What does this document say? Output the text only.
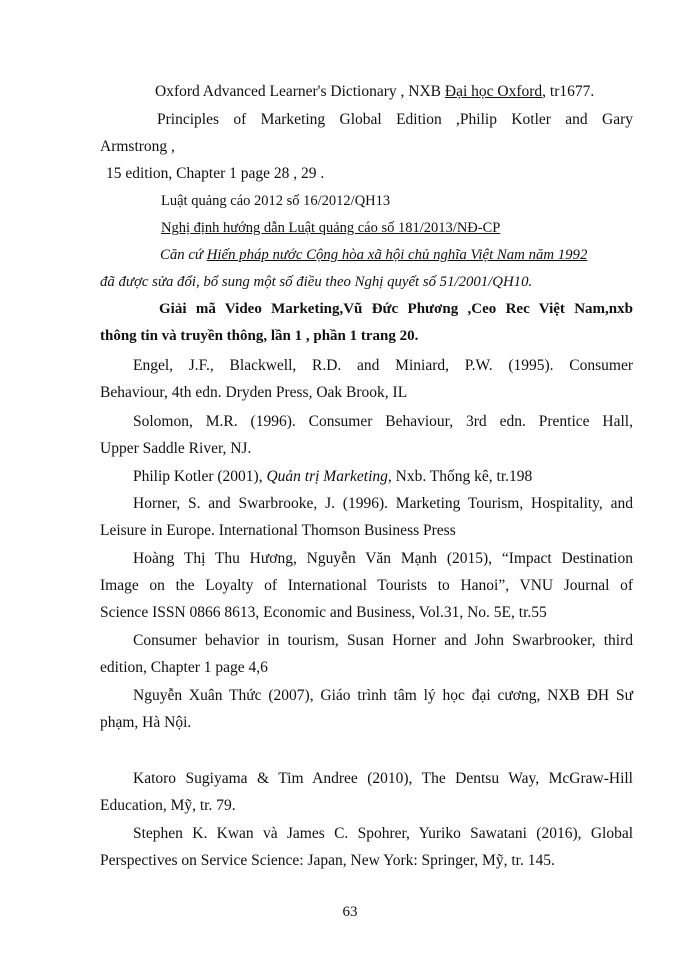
Oxford Advanced Learner's Dictionary , NXB Đại học Oxford, tr1677.
Principles of Marketing Global Edition ,Philip Kotler and Gary
Armstrong ,
15 edition, Chapter 1 page 28 , 29 .
Luật quảng cáo 2012 số 16/2012/QH13
Nghị định hướng dẫn Luật quảng cáo số 181/2013/NĐ-CP
Căn cứ Hiến pháp nước Cộng hòa xã hội chủ nghĩa Việt Nam năm 1992
đã được sửa đổi, bổ sung một số điều theo Nghị quyết số 51/2001/QH10.
Giải mã Video Marketing,Vũ Đức Phương ,Ceo Rec Việt Nam,nxb
thông tin và truyền thông, lần 1 , phần 1 trang 20.
Engel, J.F., Blackwell, R.D. and Miniard, P.W. (1995). Consumer
Behaviour, 4th edn. Dryden Press, Oak Brook, IL
Solomon, M.R. (1996). Consumer Behaviour, 3rd edn. Prentice Hall,
Upper Saddle River, NJ.
Philip Kotler (2001), Quản trị Marketing, Nxb. Thống kê, tr.198
Horner, S. and Swarbrooke, J. (1996). Marketing Tourism, Hospitality, and
Leisure in Europe. International Thomson Business Press
Hoàng Thị Thu Hương, Nguyễn Văn Mạnh (2015), “Impact Destination
Image on the Loyalty of International Tourists to Hanoi”, VNU Journal of
Science ISSN 0866 8613, Economic and Business, Vol.31, No. 5E, tr.55
Consumer behavior in tourism, Susan Horner and John Swarbrooker, third
edition, Chapter 1 page 4,6
Nguyễn Xuân Thức (2007), Giáo trình tâm lý học đại cương, NXB ĐH Sư
phạm, Hà Nội.
Katoro Sugiyama & Tim Andree (2010), The Dentsu Way, McGraw-Hill
Education, Mỹ, tr. 79.
Stephen K. Kwan và James C. Spohrer, Yuriko Sawatani (2016), Global
Perspectives on Service Science: Japan, New York: Springer, Mỹ, tr. 145.
63
